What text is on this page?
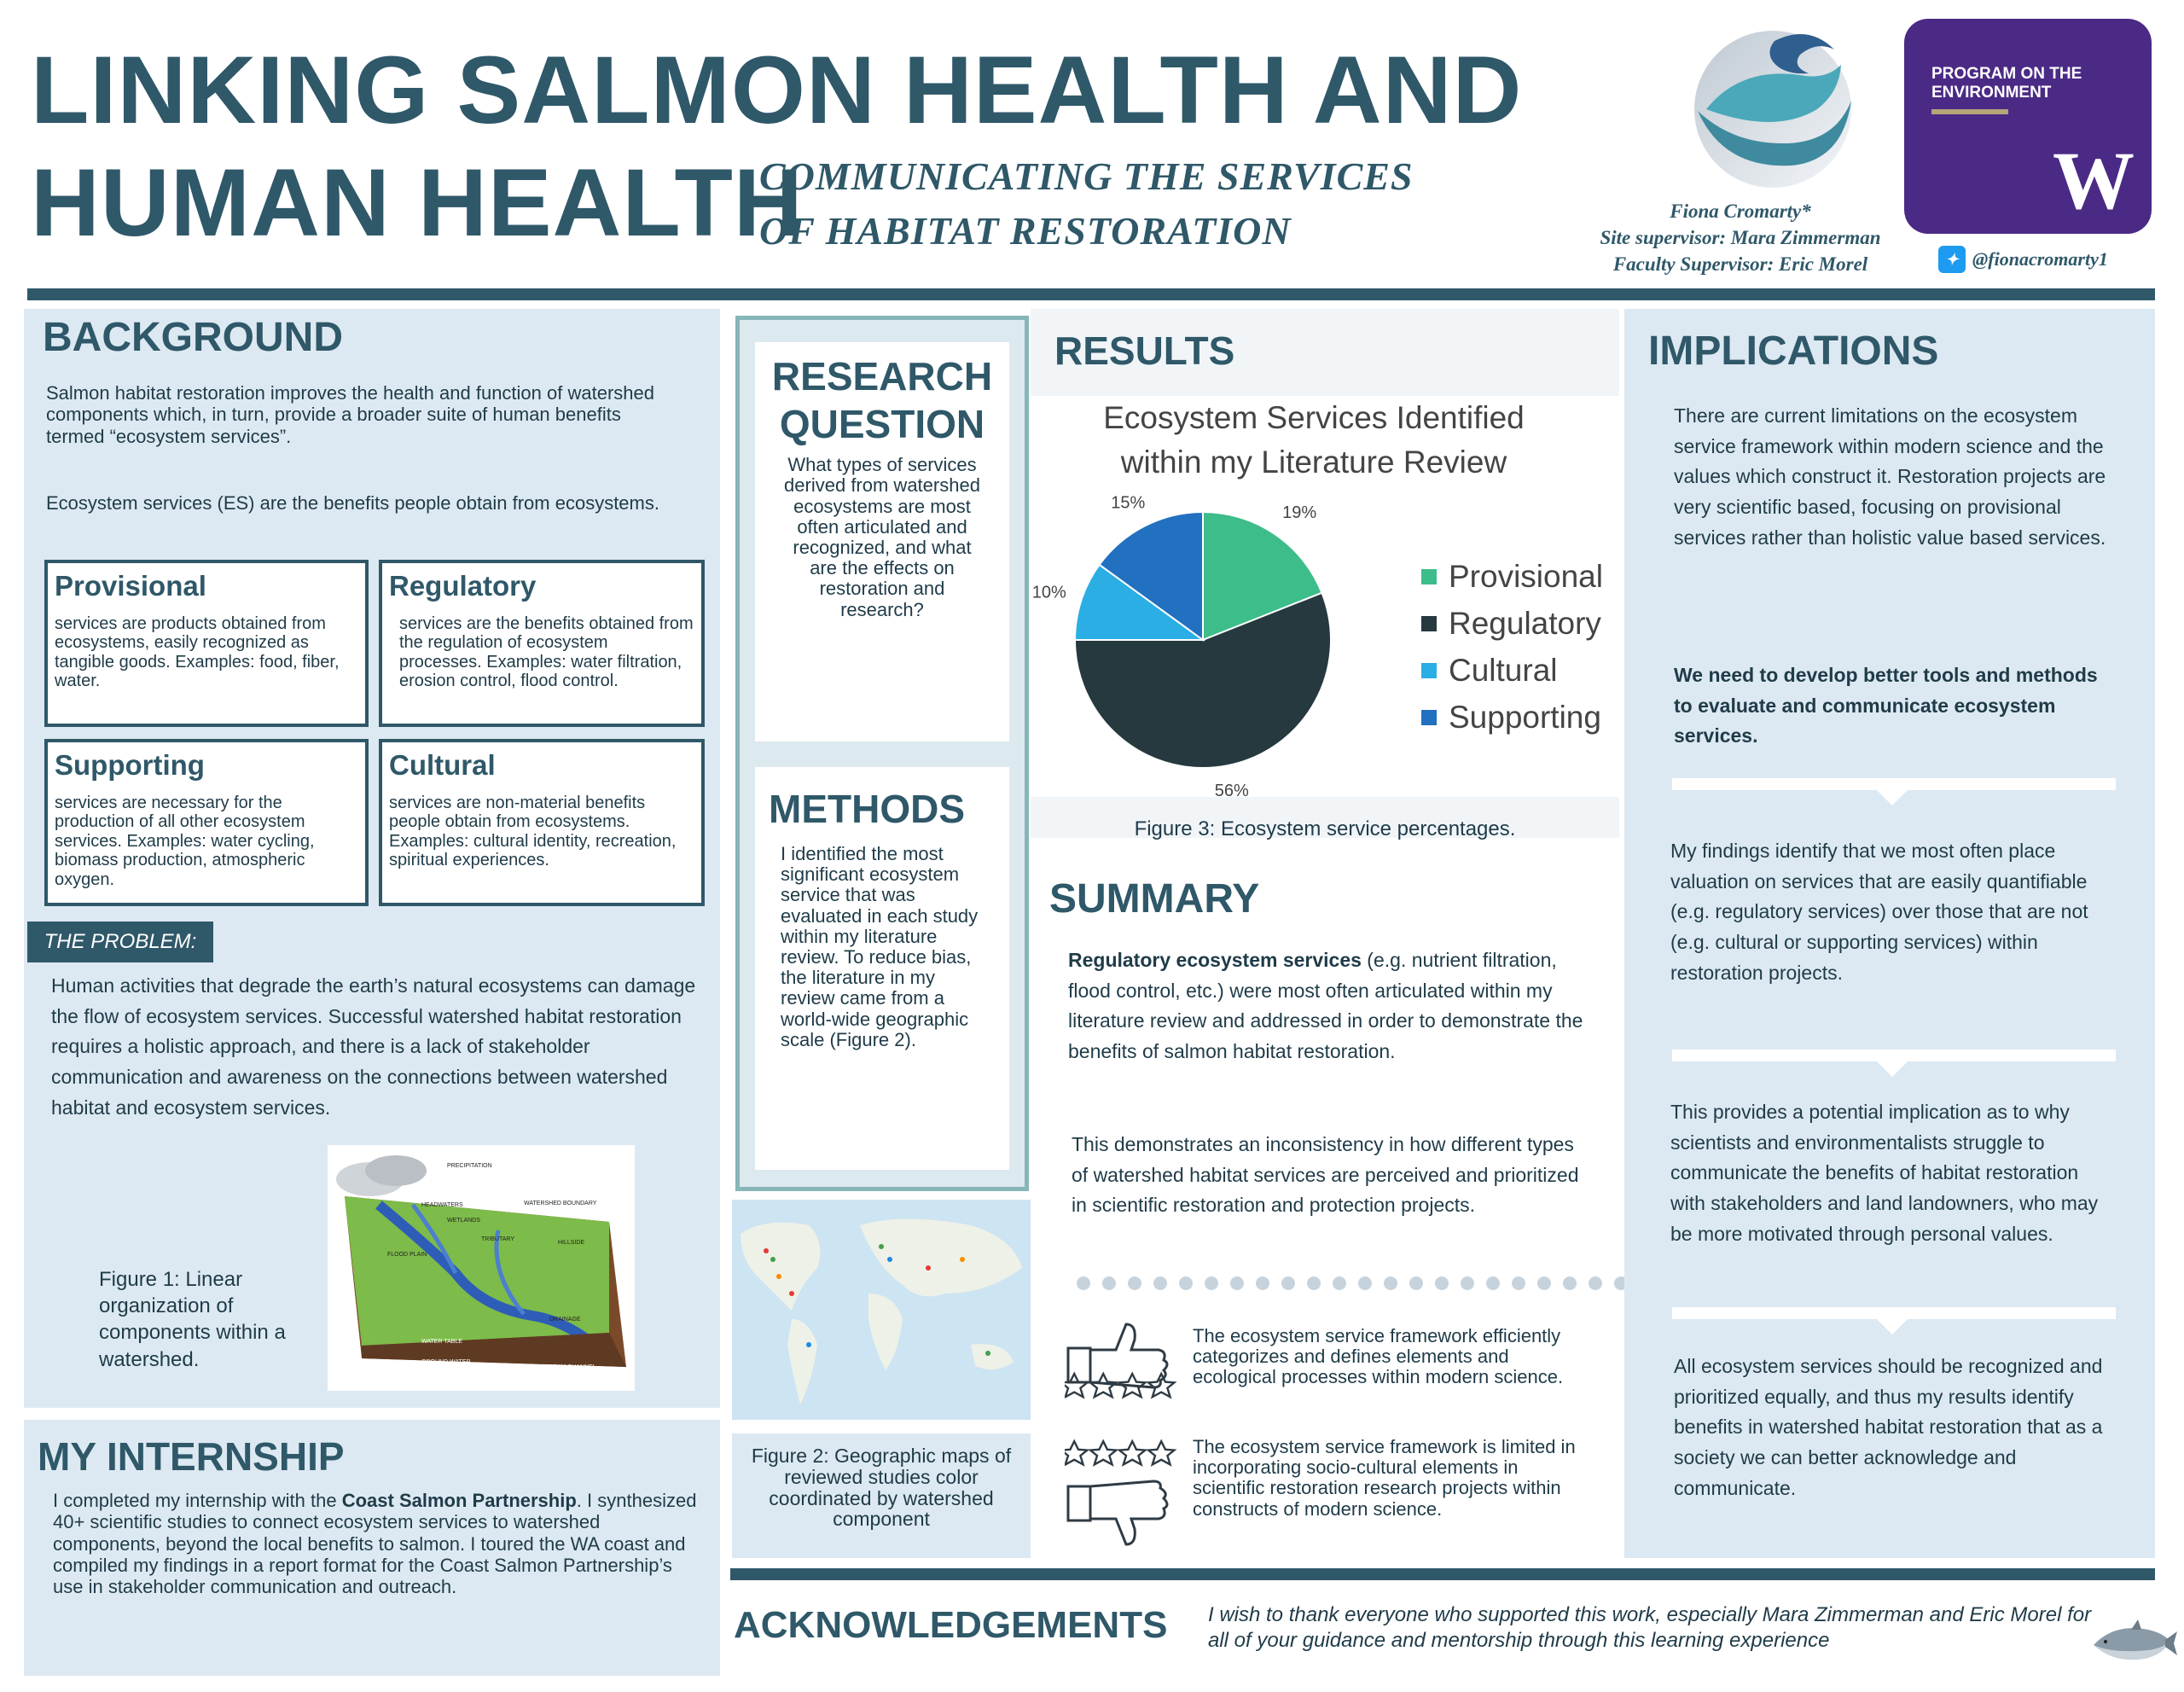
LINKING SALMON HEALTH AND
HUMAN HEALTH
COMMUNICATING THE SERVICES
OF HABITAT RESTORATION	Fiona Cromarty*
Site supervisor: Mara Zimmerman
Faculty Supervisor: Eric Morel
PROGRAM ON THE
ENVIRONMENT
W
✦ @fionacromarty1
BACKGROUND
Salmon habitat restoration improves the health and function of watershed components which, in turn, provide a broader suite of human benefits termed “ecosystem services”.
Ecosystem services (ES) are the benefits people obtain from ecosystems.
Provisional
services are products obtained from ecosystems, easily recognized as tangible goods. Examples: food, fiber, water.
Regulatory
services are the benefits obtained from the regulation of ecosystem processes. Examples: water filtration, erosion control, flood control.
Supporting
services are necessary for the production of all other ecosystem services. Examples: water cycling, biomass production, atmospheric oxygen.
Cultural
services are non-material benefits people obtain from ecosystems. Examples: cultural identity, recreation, spiritual experiences.
THE PROBLEM:
Human activities that degrade the earth’s natural ecosystems can damage the flow of ecosystem services. Successful watershed habitat restoration requires a holistic approach, and there is a lack of stakeholder communication and awareness on the connections between watershed habitat and ecosystem services.
PRECIPITATION
HEADWATERS	WATERSHED BOUNDARY
WETLANDS
TRIBUTARY
HILLSIDE
FLOOD PLAIN
DRAINAGE
WATER TABLE
GROUND WATER
STREAM CHANNEL
Figure 1: Linear organization of components within a watershed.
MY INTERNSHIP
I completed my internship with the Coast Salmon Partnership. I synthesized 40+ scientific studies to connect ecosystem services to watershed components, beyond the local benefits to salmon. I toured the WA coast and compiled my findings in a report format for the Coast Salmon Partnership’s use in stakeholder communication and outreach.
RESEARCH
QUESTION
What types of services derived from watershed ecosystems are most often articulated and recognized, and what are the effects on restoration and research?
METHODS
I identified the most significant ecosystem service that was evaluated in each study within my literature review. To reduce bias, the literature in my review came from a world-wide geographic scale (Figure 2).
Figure 2: Geographic maps of reviewed studies color coordinated by watershed component
RESULTS
Ecosystem Services Identified
within my Literature Review
19%
56%
10%
15%
Provisional
Regulatory
Cultural
Supporting
Figure 3: Ecosystem service percentages.
SUMMARY
Regulatory ecosystem services (e.g. nutrient filtration, flood control, etc.) were most often articulated within my literature review and addressed in order to demonstrate the benefits of salmon habitat restoration.
This demonstrates an inconsistency in how different types of watershed habitat services are perceived and prioritized in scientific restoration and protection projects.
The ecosystem service framework efficiently categorizes and defines elements and ecological processes within modern science.
The ecosystem service framework is limited in incorporating socio-cultural elements in scientific restoration research projects within constructs of modern science.
IMPLICATIONS

There are current limitations on the ecosystem service framework within modern science and the values which construct it. Restoration projects are very scientific based, focusing on provisional services rather than holistic value based services.

We need to develop better tools and methods to evaluate and communicate ecosystem services.

My findings identify that we most often place valuation on services that are easily quantifiable (e.g. regulatory services) over those that are not (e.g. cultural or supporting services) within restoration projects.

This provides a potential implication as to why scientists and environmentalists struggle to communicate the benefits of habitat restoration with stakeholders and land landowners, who may be more motivated through personal values.

All ecosystem services should be recognized and prioritized equally, and thus my results identify benefits in watershed habitat restoration that as a society we can better acknowledge and communicate.

ACKNOWLEDGEMENTS I wish to thank everyone who supported this work, especially Mara Zimmerman and Eric Morel for all of your guidance and mentorship through this learning experience
